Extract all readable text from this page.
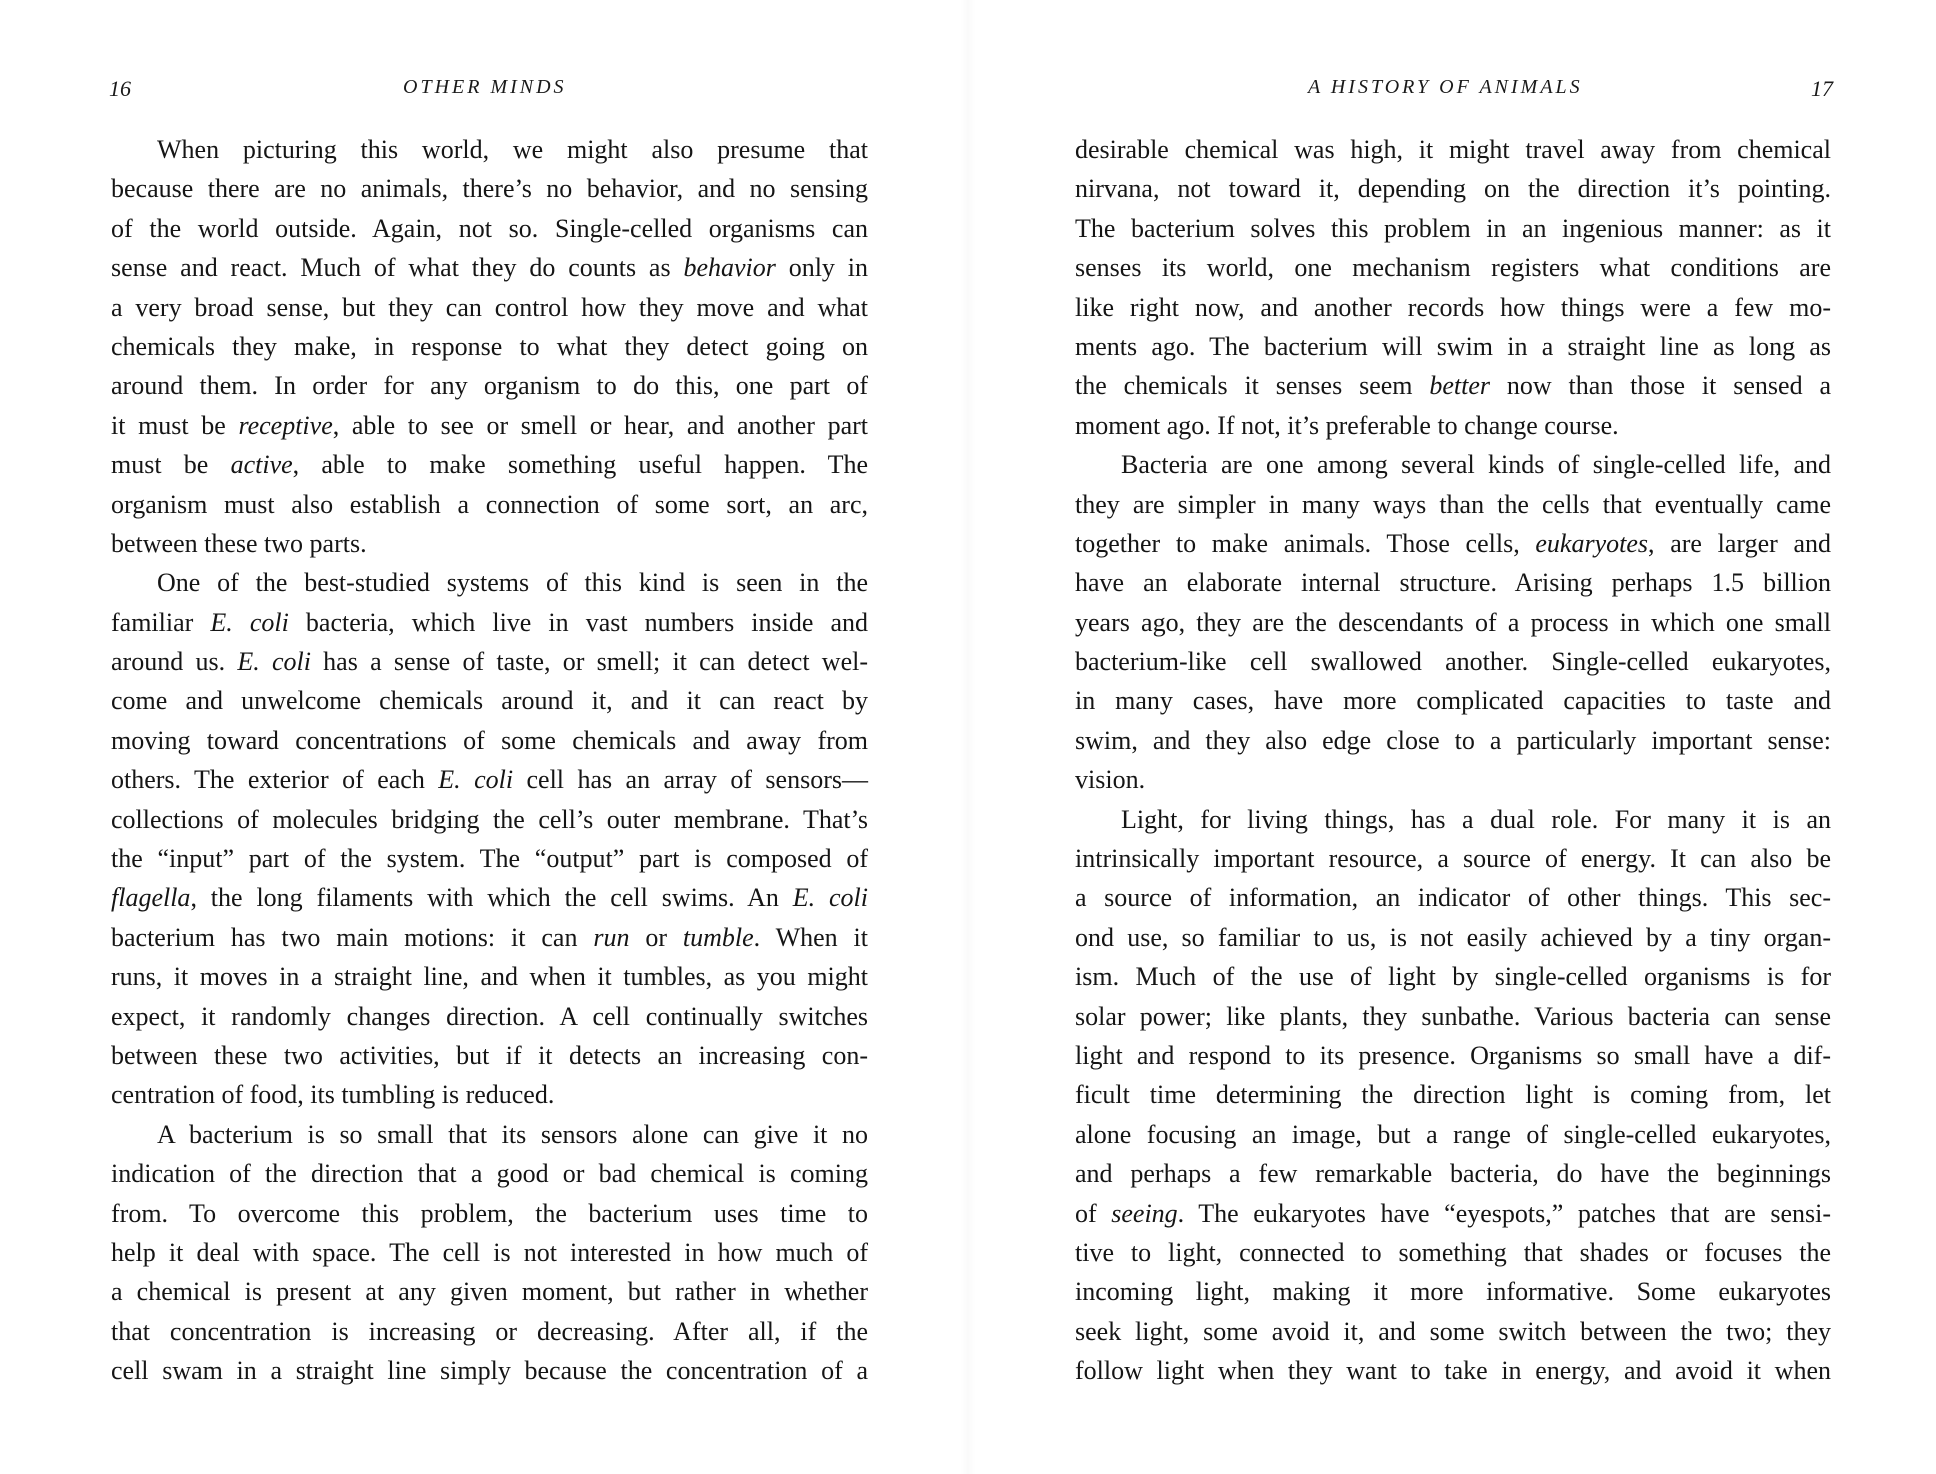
16	OTHER MINDS
When picturing this world, we might also presume that
because there are no animals, there’s no behavior, and no sensing
of the world outside. Again, not so. Single-celled organisms can
sense and react. Much of what they do counts as behavior only in
a very broad sense, but they can control how they move and what
chemicals they make, in response to what they detect going on
around them. In order for any organism to do this, one part of
it must be receptive, able to see or smell or hear, and another part
must be active, able to make something useful happen. The
organism must also establish a connection of some sort, an arc,
between these two parts.
One of the best-studied systems of this kind is seen in the
familiar E. coli bacteria, which live in vast numbers inside and
around us. E. coli has a sense of taste, or smell; it can detect wel-
come and unwelcome chemicals around it, and it can react by
moving toward concentrations of some chemicals and away from
others. The exterior of each E. coli cell has an array of sensors—
collections of molecules bridging the cell’s outer membrane. That’s
the “input” part of the system. The “output” part is composed of
flagella, the long filaments with which the cell swims. An E. coli
bacterium has two main motions: it can run or tumble. When it
runs, it moves in a straight line, and when it tumbles, as you might
expect, it randomly changes direction. A cell continually switches
between these two activities, but if it detects an increasing con-
centration of food, its tumbling is reduced.
A bacterium is so small that its sensors alone can give it no
indication of the direction that a good or bad chemical is coming
from. To overcome this problem, the bacterium uses time to
help it deal with space. The cell is not interested in how much of
a chemical is present at any given moment, but rather in whether
that concentration is increasing or decreasing. After all, if the
cell swam in a straight line simply because the concentration of a
A HISTORY OF ANIMALS	17
desirable chemical was high, it might travel away from chemical
nirvana, not toward it, depending on the direction it’s pointing.
The bacterium solves this problem in an ingenious manner: as it
senses its world, one mechanism registers what conditions are
like right now, and another records how things were a few mo-
ments ago. The bacterium will swim in a straight line as long as
the chemicals it senses seem better now than those it sensed a
moment ago. If not, it’s preferable to change course.
Bacteria are one among several kinds of single-celled life, and
they are simpler in many ways than the cells that eventually came
together to make animals. Those cells, eukaryotes, are larger and
have an elaborate internal structure. Arising perhaps 1.5 billion
years ago, they are the descendants of a process in which one small
bacterium-like cell swallowed another. Single-celled eukaryotes,
in many cases, have more complicated capacities to taste and
swim, and they also edge close to a particularly important sense:
vision.
Light, for living things, has a dual role. For many it is an
intrinsically important resource, a source of energy. It can also be
a source of information, an indicator of other things. This sec-
ond use, so familiar to us, is not easily achieved by a tiny organ-
ism. Much of the use of light by single-celled organisms is for
solar power; like plants, they sunbathe. Various bacteria can sense
light and respond to its presence. Organisms so small have a dif-
ficult time determining the direction light is coming from, let
alone focusing an image, but a range of single-celled eukaryotes,
and perhaps a few remarkable bacteria, do have the beginnings
of seeing. The eukaryotes have “eyespots,” patches that are sensi-
tive to light, connected to something that shades or focuses the
incoming light, making it more informative. Some eukaryotes
seek light, some avoid it, and some switch between the two; they
follow light when they want to take in energy, and avoid it when
